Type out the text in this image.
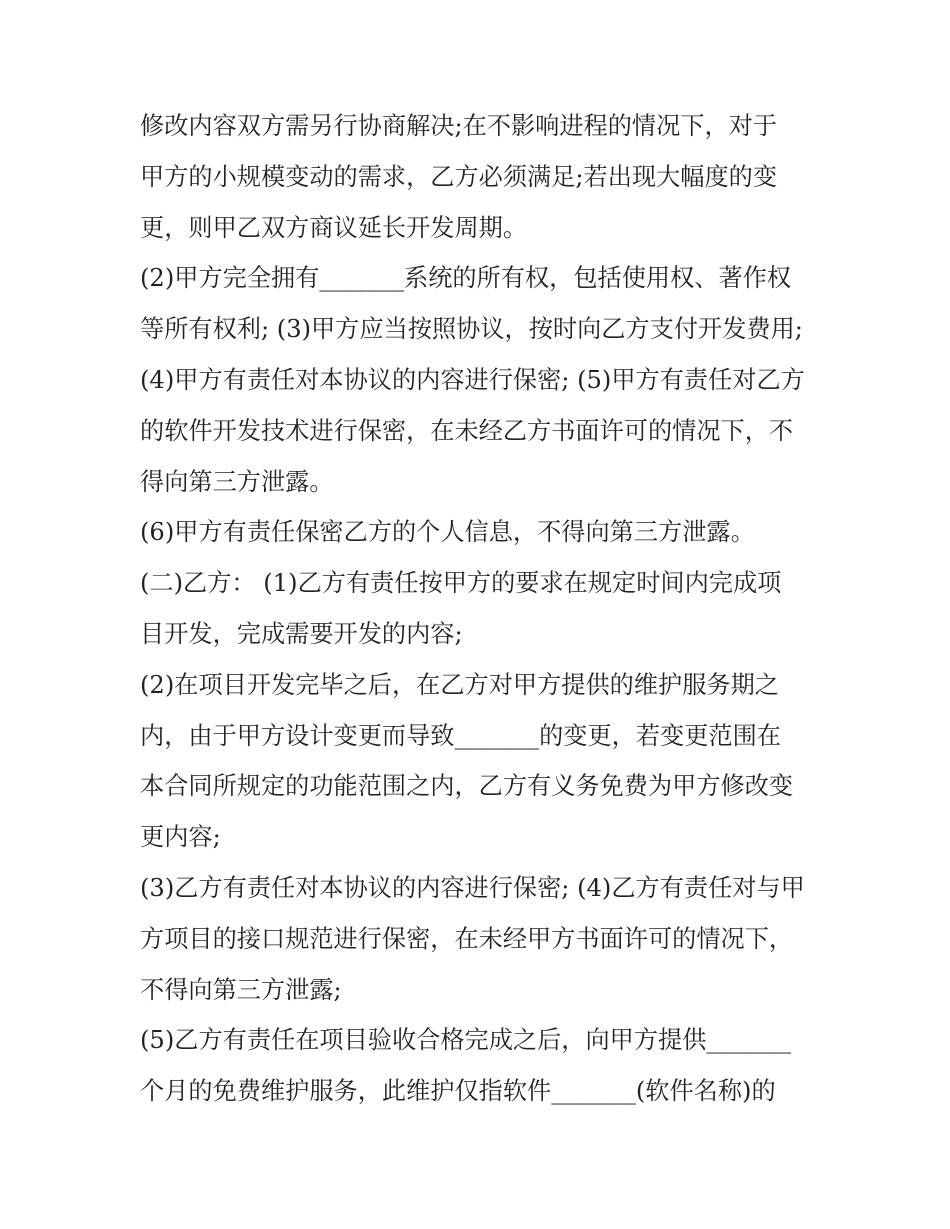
修改内容双方需另行协商解决;在不影响进程的情况下，对于
甲方的小规模变动的需求，乙方必须满足;若出现大幅度的变
更，则甲乙双方商议延长开发周期。
(2)甲方完全拥有_______系统的所有权，包括使用权、著作权
等所有权利; (3)甲方应当按照协议，按时向乙方支付开发费用;
(4)甲方有责任对本协议的内容进行保密; (5)甲方有责任对乙方
的软件开发技术进行保密，在未经乙方书面许可的情况下，不
得向第三方泄露。
(6)甲方有责任保密乙方的个人信息，不得向第三方泄露。
(二)乙方： (1)乙方有责任按甲方的要求在规定时间内完成项
目开发，完成需要开发的内容;
(2)在项目开发完毕之后，在乙方对甲方提供的维护服务期之
内，由于甲方设计变更而导致_______的变更，若变更范围在
本合同所规定的功能范围之内，乙方有义务免费为甲方修改变
更内容;
(3)乙方有责任对本协议的内容进行保密; (4)乙方有责任对与甲
方项目的接口规范进行保密，在未经甲方书面许可的情况下，
不得向第三方泄露;
(5)乙方有责任在项目验收合格完成之后，向甲方提供_______
个月的免费维护服务，此维护仅指软件_______(软件名称)的
